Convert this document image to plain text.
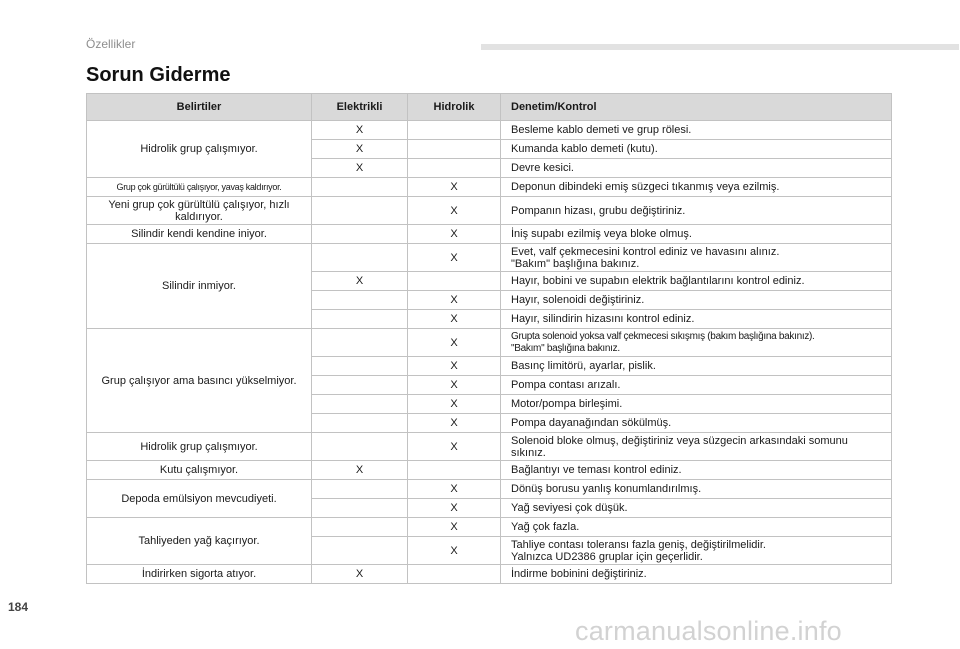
Özellikler
Sorun Giderme
Belirtiler	Elektrikli	Hidrolik	Denetim/Kontrol
Hidrolik grup çalışmıyor.	X		Besleme kablo demeti ve grup rölesi.
	X		Kumanda kablo demeti (kutu).
	X		Devre kesici.
Grup çok gürültülü çalışıyor, yavaş kaldırıyor.		X	Deponun dibindeki emiş süzgeci tıkanmış veya ezilmiş.
Yeni grup çok gürültülü çalışıyor, hızlı kaldırıyor.		X	Pompanın hizası, grubu değiştiriniz.
Silindir kendi kendine iniyor.		X	İniş supabı ezilmiş veya bloke olmuş.
Silindir inmiyor.		X	Evet, valf çekmecesini kontrol ediniz ve havasını alınız.
"Bakım" başlığına bakınız.
	X		Hayır, bobini ve supabın elektrik bağlantılarını kontrol ediniz.
		X	Hayır, solenoidi değiştiriniz.
		X	Hayır, silindirin hizasını kontrol ediniz.
Grup çalışıyor ama basıncı yükselmiyor.		X	Grupta solenoid yoksa valf çekmecesi sıkışmış (bakım başlığına bakınız).
"Bakım" başlığına bakınız.
		X	Basınç limitörü, ayarlar, pislik.
		X	Pompa contası arızalı.
		X	Motor/pompa birleşimi.
		X	Pompa dayanağından sökülmüş.
Hidrolik grup çalışmıyor.		X	Solenoid bloke olmuş, değiştiriniz veya süzgecin arkasındaki somunu
sıkınız.
Kutu çalışmıyor.	X		Bağlantıyı ve teması kontrol ediniz.
Depoda emülsiyon mevcudiyeti.		X	Dönüş borusu yanlış konumlandırılmış.
		X	Yağ seviyesi çok düşük.
Tahliyeden yağ kaçırıyor.		X	Yağ çok fazla.
		X	Tahliye contası toleransı fazla geniş, değiştirilmelidir.
Yalnızca UD2386 gruplar için geçerlidir.
İndirirken sigorta atıyor.	X		İndirme bobinini değiştiriniz.
184
carmanualsonline.info
